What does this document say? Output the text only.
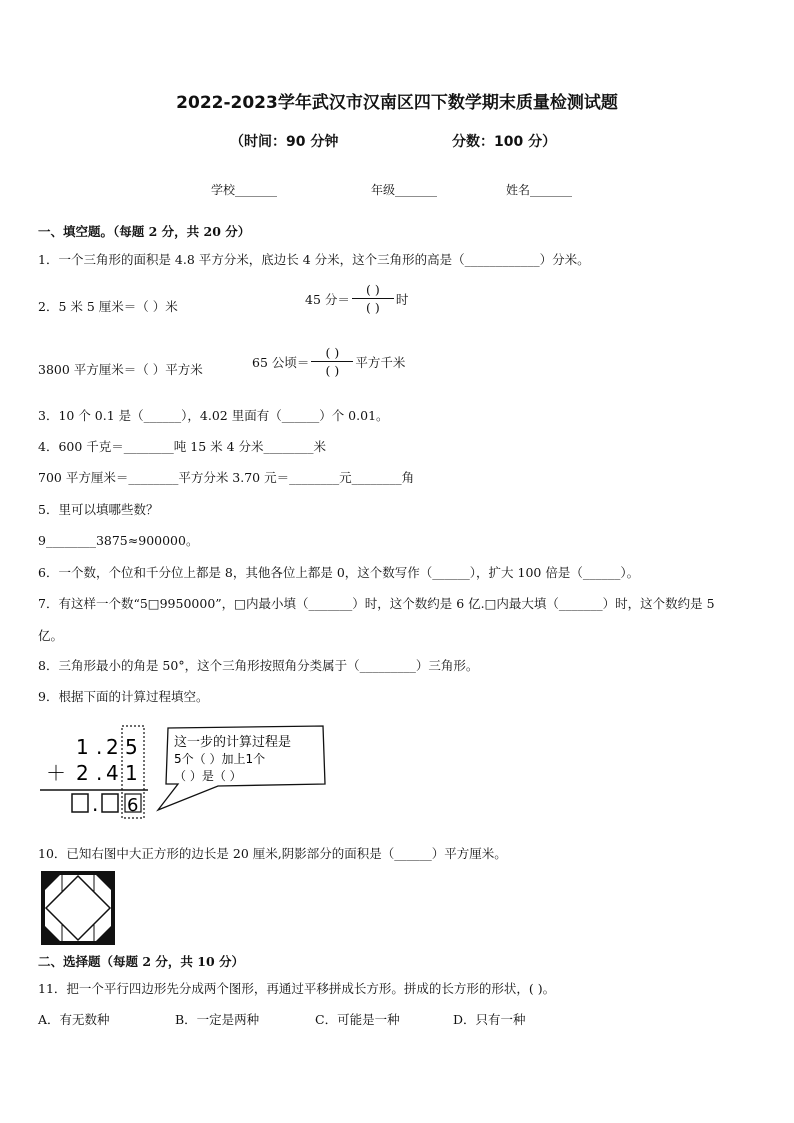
2022-2023学年武汉市汉南区四下数学期末质量检测试题
（时间：90 分钟	分数：100 分）
学校_______	年级_______	姓名_______
一、填空题。（每题 2 分，共 20 分）
1．一个三角形的面积是 4.8 平方分米，底边长 4 分米，这个三角形的高是（____________）分米。
2．5 米 5 厘米＝（ ）米	45 分＝ $\frac{( )}{( )}$ 时
3800 平方厘米＝（ ）平方米	65 公顷＝ $\frac{( )}{( )}$ 平方千米
3．10 个 0.1 是（______），4.02 里面有（______）个 0.01。
4．600 千克＝________吨 15 米 4 分米________米
700 平方厘米＝________平方分米 3.70 元＝________元________角
5．里可以填哪些数？
9________3875≈900000。
6．一个数，个位和千分位上都是 8，其他各位上都是 0，这个数写作（______），扩大 100 倍是（______）。
7．有这样一个数“5□9950000”，□内最小填（_______）时，这个数约是 6 亿.□内最大填（_______）时，这个数约是 5
亿。
8．三角形最小的角是 50°，这个三角形按照角分类属于（_________）三角形。
9．根据下面的计算过程填空。
1 . 2 5
＋ 2 . 4 1
. 6
这一步的计算过程是
5个（ ）加上1个
（ ）是（ ）
10．已知右图中大正方形的边长是 20 厘米,阴影部分的面积是（______）平方厘米。
二、选择题（每题 2 分，共 10 分）
11．把一个平行四边形先分成两个图形，再通过平移拼成长方形。拼成的长方形的形状，( )。
A．有无数种	B．一定是两种	C．可能是一种	D．只有一种
